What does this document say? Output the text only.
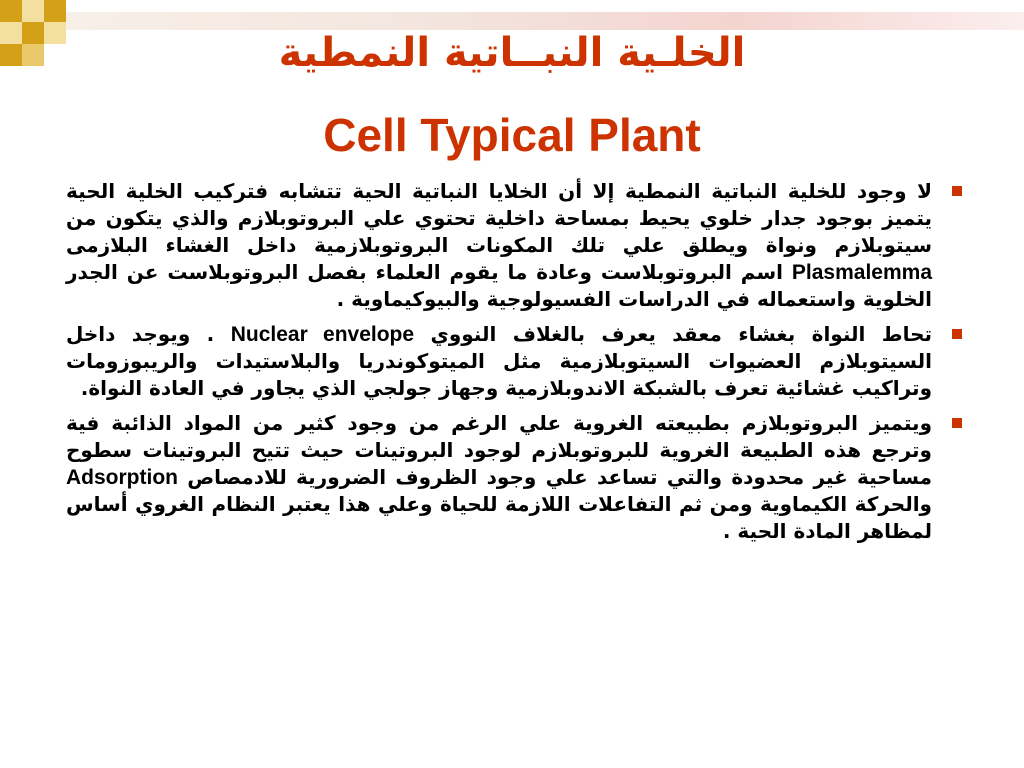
الخلـية النبــاتية النمطية
Cell Typical Plant
لا وجود للخلية النباتية النمطية إلا أن الخلايا النباتية الحية تتشابه فتركيب الخلية الحية يتميز بوجود جدار خلوي يحيط بمساحة داخلية تحتوي علي البروتوبلازم والذي يتكون من سيتوبلازم ونواة ويطلق علي تلك المكونات البروتوبلازمية داخل الغشاء البلازمى Plasmalemma اسم البروتوبلاست وعادة ما يقوم العلماء بفصل البروتوبلاست عن الجدر الخلوية واستعماله في الدراسات الفسيولوجية والبيوكيماوية .
تحاط النواة بغشاء معقد يعرف بالغلاف النووي Nuclear envelope . ويوجد داخل السيتوبلازم العضيوات السيتوبلازمية مثل الميتوكوندريا والبلاستيدات والريبوزومات وتراكيب غشائية تعرف بالشبكة الاندوبلازمية وجهاز جولجي الذي يجاور في العادة النواة.
ويتميز البروتوبلازم بطبيعته الغروية علي الرغم من وجود كثير من المواد الذائبة فية وترجع هذه الطبيعة الغروية للبروتوبلازم لوجود البروتينات حيث تتيح البروتينات سطوح مساحية غير محدودة والتي تساعد علي وجود الظروف الضرورية للادمصاص Adsorption والحركة الكيماوية ومن ثم التفاعلات اللازمة للحياة وعلي هذا يعتبر النظام الغروي أساس لمظاهر المادة الحية .
